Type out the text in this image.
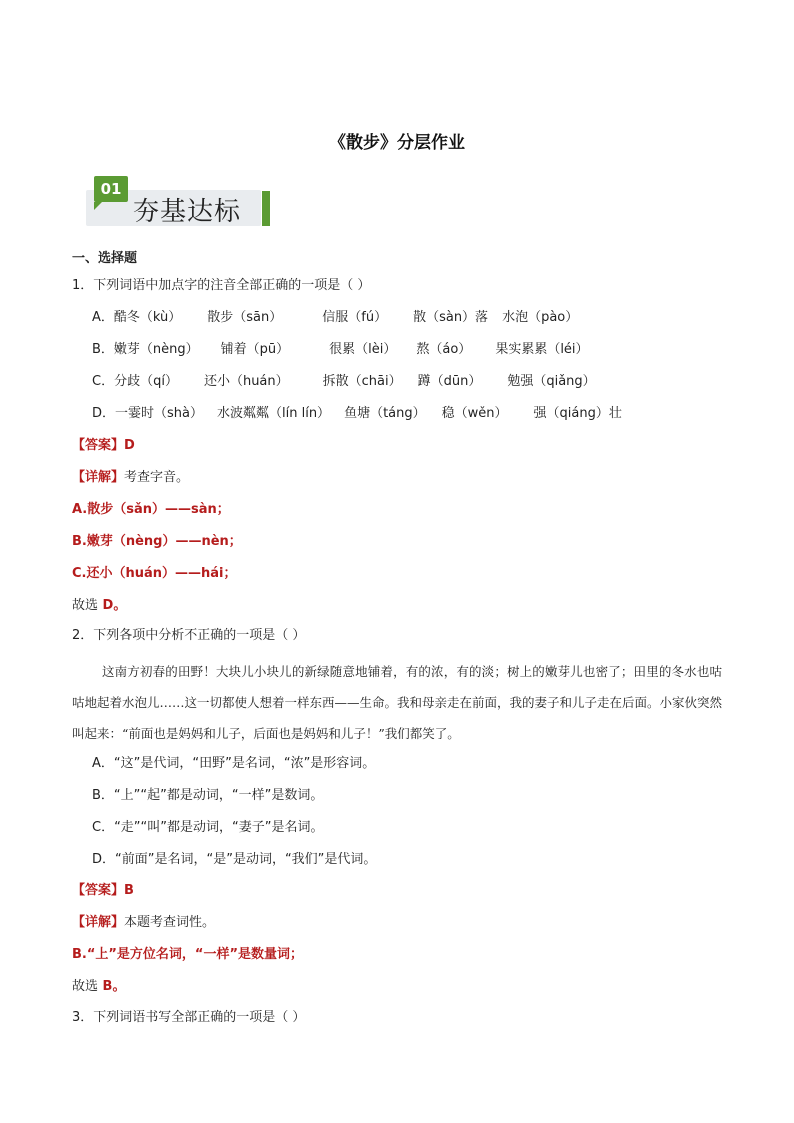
《散步》分层作业
01
夯基达标
一、选择题
1．下列词语中加点字的注音全部正确的一项是（ ）
A．酷冬（kù） 散步（sān）	信服（fú） 散（sàn）落 水泡（pào）
B．嫩芽（nèng） 铺着（pū）	很累（lèi） 熬（áo） 果实累累（léi）
C．分歧（qí） 还小（huán）	拆散（chāi） 蹲（dūn） 勉强（qiǎng）
D．一霎时（shà） 水波粼粼（lín lín） 鱼塘（táng） 稳（wěn） 强（qiáng）壮
【答案】D
【详解】考查字音。
A.散步（sǎn）——sàn；
B.嫩芽（nèng）——nèn；
C.还小（huán）——hái；
故选 D。
2．下列各项中分析不正确的一项是（ ）
这南方初春的田野！大块儿小块儿的新绿随意地铺着，有的浓，有的淡；树上的嫩芽儿也密了；田里的冬水也咕咕地起着水泡儿……这一切都使人想着一样东西——生命。我和母亲走在前面，我的妻子和儿子走在后面。小家伙突然叫起来：“前面也是妈妈和儿子，后面也是妈妈和儿子！”我们都笑了。
A．“这”是代词，“田野”是名词，“浓”是形容词。
B．“上”“起”都是动词，“一样”是数词。
C．“走”“叫”都是动词，“妻子”是名词。
D．“前面”是名词，“是”是动词，“我们”是代词。
【答案】B
【详解】本题考查词性。
B.“上”是方位名词，“一样”是数量词；
故选 B。
3．下列词语书写全部正确的一项是（ ）
